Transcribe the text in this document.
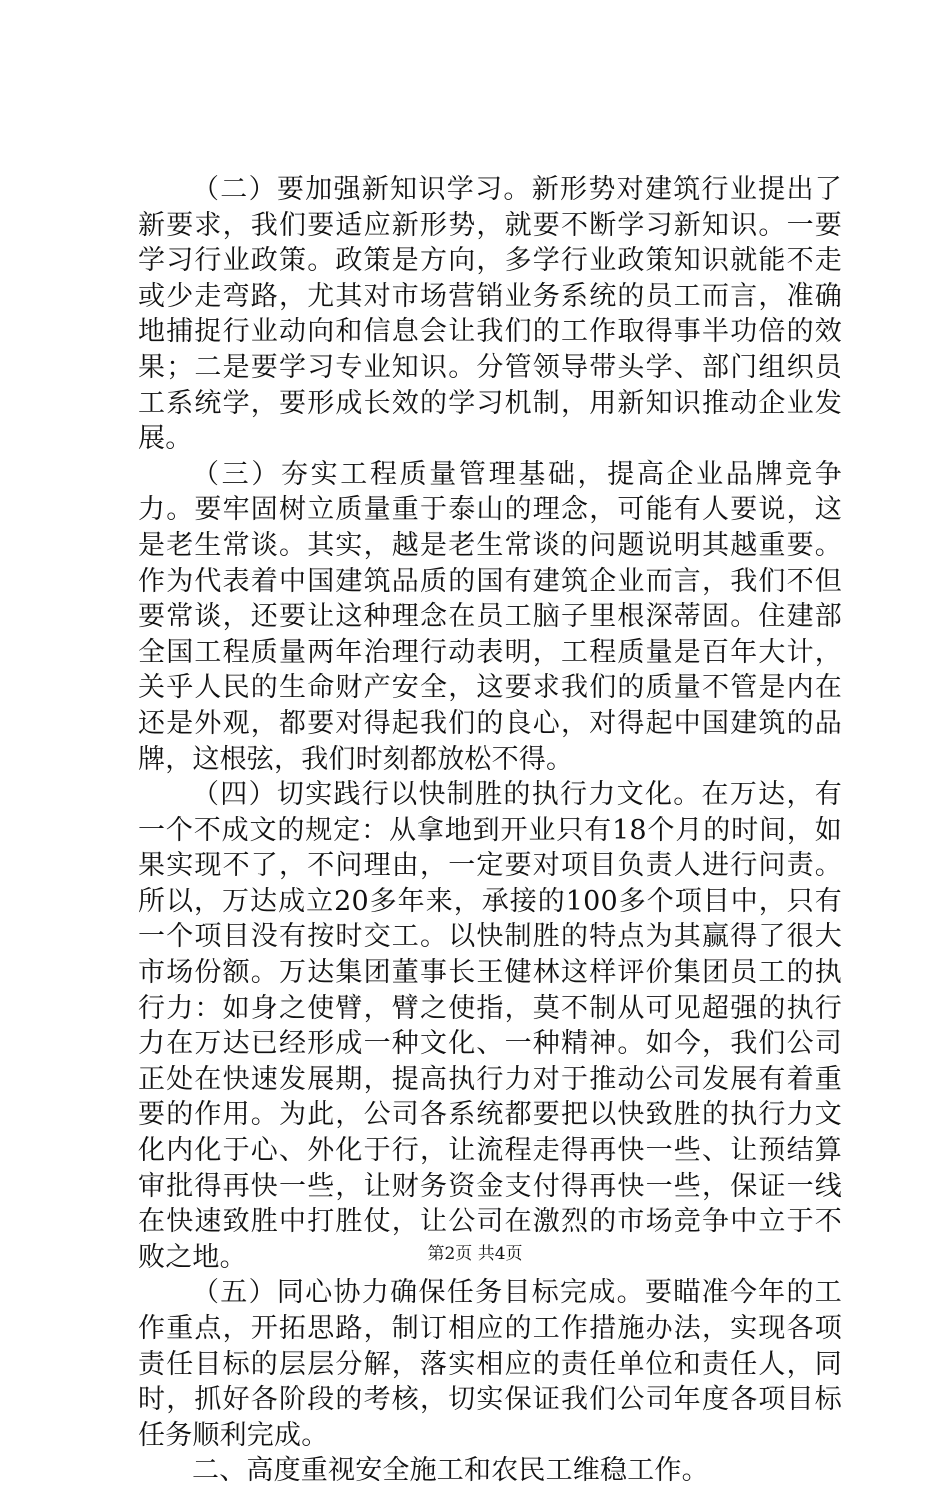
（二）要加强新知识学习。新形势对建筑行业提出了新要求，我们要适应新形势，就要不断学习新知识。一要学习行业政策。政策是方向，多学行业政策知识就能不走或少走弯路，尤其对市场营销业务系统的员工而言，准确地捕捉行业动向和信息会让我们的工作取得事半功倍的效果；二是要学习专业知识。分管领导带头学、部门组织员工系统学，要形成长效的学习机制，用新知识推动企业发展。

（三）夯实工程质量管理基础，提高企业品牌竞争力。要牢固树立质量重于泰山的理念，可能有人要说，这是老生常谈。其实，越是老生常谈的问题说明其越重要。作为代表着中国建筑品质的国有建筑企业而言，我们不但要常谈，还要让这种理念在员工脑子里根深蒂固。住建部全国工程质量两年治理行动表明，工程质量是百年大计，关乎人民的生命财产安全，这要求我们的质量不管是内在还是外观，都要对得起我们的良心，对得起中国建筑的品牌，这根弦，我们时刻都放松不得。

（四）切实践行以快制胜的执行力文化。在万达，有一个不成文的规定：从拿地到开业只有18个月的时间，如果实现不了，不问理由，一定要对项目负责人进行问责。所以，万达成立20多年来，承接的100多个项目中，只有一个项目没有按时交工。以快制胜的特点为其赢得了很大市场份额。万达集团董事长王健林这样评价集团员工的执行力：如身之使臂，臂之使指，莫不制从可见超强的执行力在万达已经形成一种文化、一种精神。如今，我们公司正处在快速发展期，提高执行力对于推动公司发展有着重要的作用。为此，公司各系统都要把以快致胜的执行力文化内化于心、外化于行，让流程走得再快一些、让预结算审批得再快一些，让财务资金支付得再快一些，保证一线在快速致胜中打胜仗，让公司在激烈的市场竞争中立于不败之地。

（五）同心协力确保任务目标完成。要瞄准今年的工作重点，开拓思路，制订相应的工作措施办法，实现各项责任目标的层层分解，落实相应的责任单位和责任人，同时，抓好各阶段的考核，切实保证我们公司年度各项目标任务顺利完成。

二、高度重视安全施工和农民工维稳工作。

第2页 共4页
